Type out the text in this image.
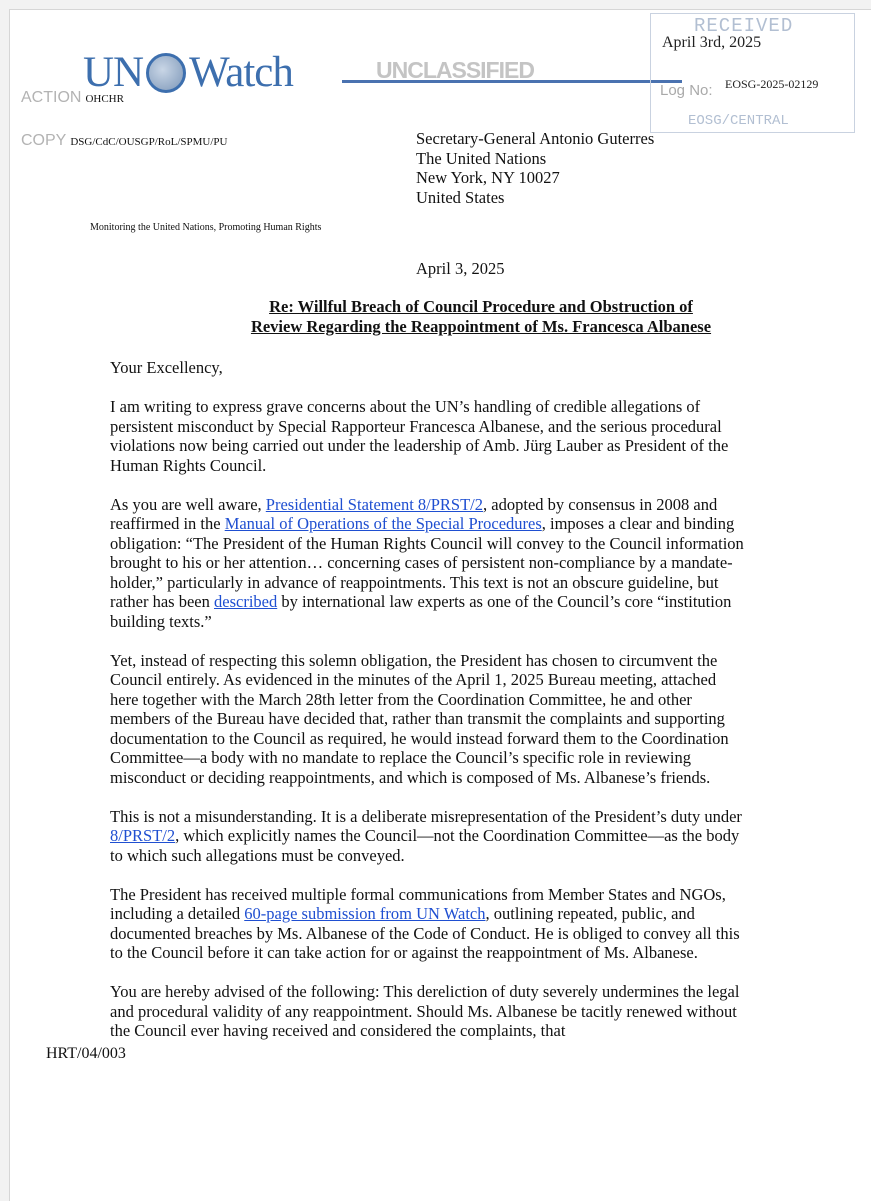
UN Watch	UNCLASSIFIED
RECEIVED
April 3rd, 2025
Log No: EOSG-2025-02129
EOSG/CENTRAL
ACTION OHCHR
COPY DSG/CdC/OUSGP/RoL/SPMU/PU	Secretary-General Antonio Guterres
The United Nations
New York, NY 10027
United States
Monitoring the United Nations, Promoting Human Rights
April 3, 2025
Re: Willful Breach of Council Procedure and Obstruction of
Review Regarding the Reappointment of Ms. Francesca Albanese

Your Excellency,

I am writing to express grave concerns about the UN’s handling of credible allegations of persistent misconduct by Special Rapporteur Francesca Albanese, and the serious procedural violations now being carried out under the leadership of Amb. Jürg Lauber as President of the Human Rights Council.

As you are well aware, Presidential Statement 8/PRST/2, adopted by consensus in 2008 and reaffirmed in the Manual of Operations of the Special Procedures, imposes a clear and binding obligation: “The President of the Human Rights Council will convey to the Council information brought to his or her attention… concerning cases of persistent non-compliance by a mandate-holder,” particularly in advance of reappointments. This text is not an obscure guideline, but rather has been described by international law experts as one of the Council’s core “institution building texts.”

Yet, instead of respecting this solemn obligation, the President has chosen to circumvent the Council entirely. As evidenced in the minutes of the April 1, 2025 Bureau meeting, attached here together with the March 28th letter from the Coordination Committee, he and other members of the Bureau have decided that, rather than transmit the complaints and supporting documentation to the Council as required, he would instead forward them to the Coordination Committee—a body with no mandate to replace the Council’s specific role in reviewing misconduct or deciding reappointments, and which is composed of Ms. Albanese’s friends.

This is not a misunderstanding. It is a deliberate misrepresentation of the President’s duty under 8/PRST/2, which explicitly names the Council—not the Coordination Committee—as the body to which such allegations must be conveyed.

The President has received multiple formal communications from Member States and NGOs, including a detailed 60-page submission from UN Watch, outlining repeated, public, and documented breaches by Ms. Albanese of the Code of Conduct. He is obliged to convey all this to the Council before it can take action for or against the reappointment of Ms. Albanese.

You are hereby advised of the following: This dereliction of duty severely undermines the legal and procedural validity of any reappointment. Should Ms. Albanese be tacitly renewed without the Council ever having received and considered the complaints, that

HRT/04/003
